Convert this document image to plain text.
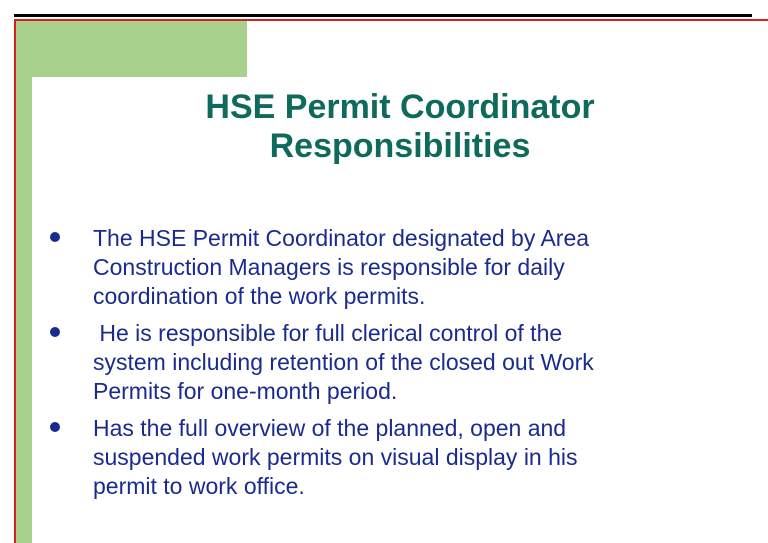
HSE Permit Coordinator
Responsibilities
The HSE Permit Coordinator designated by Area
Construction Managers is responsible for daily
coordination of the work permits.
He is responsible for full clerical control of the
system including retention of the closed out Work
Permits for one-month period.
Has the full overview of the planned, open and
suspended work permits on visual display in his
permit to work office.
